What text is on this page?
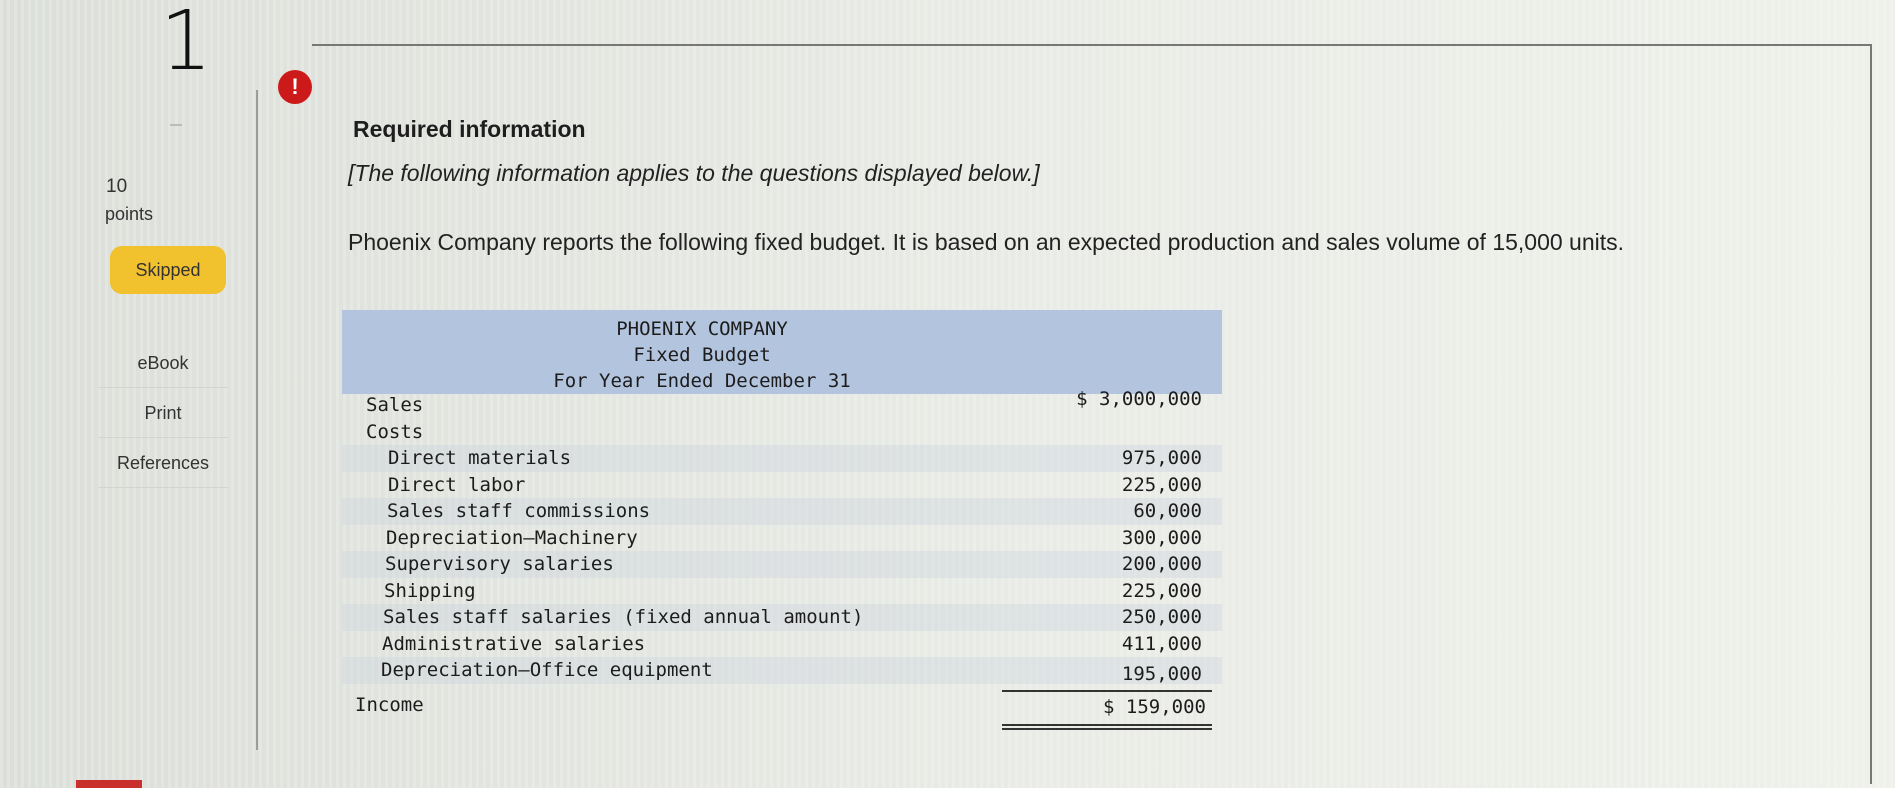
1
10
points
Skipped
eBook
Print
References
!
Required information
[The following information applies to the questions displayed below.]
Phoenix Company reports the following fixed budget. It is based on an expected production and sales volume of 15,000 units.
PHOENIX COMPANY
Fixed Budget
For Year Ended December 31
Sales	$ 3,000,000
Costs
Direct materials	975,000
Direct labor	225,000
Sales staff commissions	60,000
Depreciation—Machinery	300,000
Supervisory salaries	200,000
Shipping	225,000
Sales staff salaries (fixed annual amount)	250,000
Administrative salaries	411,000
Depreciation—Office equipment	195,000
Income	$ 159,000
